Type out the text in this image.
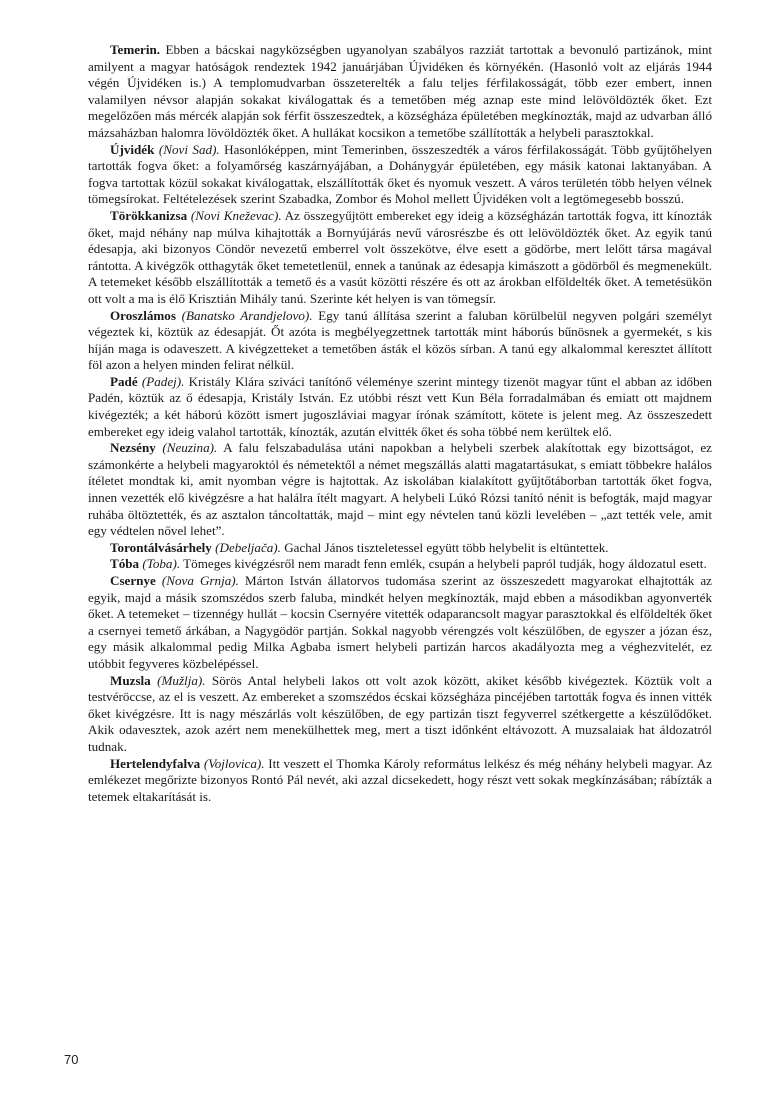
Temerin. Ebben a bácskai nagyközségben ugyanolyan szabályos razziát tartottak a bevonuló partizánok, mint amilyent a magyar hatóságok rendeztek 1942 januárjában Újvidéken és környékén. (Hasonló volt az eljárás 1944 végén Újvidéken is.) A templomudvarban összeterelték a falu teljes férfilakosságát, több ezer embert, innen valamilyen névsor alapján sokakat kiválogattak és a temetőben még aznap este mind lelövöldözték őket. Ezt megelőzően más mércék alapján sok férfit összeszedtek, a községháza épületében megkínozták, majd az udvarban álló mázsaházban halomra lövöldözték őket. A hullákat kocsikon a temetőbe szállították a helybeli parasztokkal.

Újvidék (Novi Sad). Hasonlóképpen, mint Temerinben, összeszedték a város férfilakosságát. Több gyűjtőhelyen tartották fogva őket: a folyamőrség kaszárnyájában, a Dohánygyár épületében, egy másik katonai laktanyában. A fogva tartottak közül sokakat kiválogattak, elszállították őket és nyomuk veszett. A város területén több helyen vélnek tömegsírokat. Feltételezések szerint Szabadka, Zombor és Mohol mellett Újvidéken volt a legtömegesebb bosszú.

Törökkanizsa (Novi Kneževac). Az összegyűjtött embereket egy ideig a községházán tartották fogva, itt kínozták őket, majd néhány nap múlva kihajtották a Bornyújárás nevű városrészbe és ott lelövöldözték őket. Az egyik tanú édesapja, aki bizonyos Cöndör nevezetű emberrel volt összekötve, élve esett a gödörbe, mert lelőtt társa magával rántotta. A kivégzők otthagyták őket temetetlenül, ennek a tanúnak az édesapja kimászott a gödörből és megmenekült. A tetemeket később elszállították a temető és a vasút közötti részére és ott az árokban elföldelték őket. A temetésükön ott volt a ma is élő Krisztián Mihály tanú. Szerinte két helyen is van tömegsír.

Oroszlámos (Banatsko Arandjelovo). Egy tanú állítása szerint a faluban körülbelül negyven polgári személyt végeztek ki, köztük az édesapját. Őt azóta is megbélyegzettnek tartották mint háborús bűnösnek a gyermekét, s kis híján maga is odaveszett. A kivégzetteket a temetőben ásták el közös sírban. A tanú egy alkalommal keresztet állított föl azon a helyen minden felirat nélkül.

Padé (Padej). Kristály Klára szivácі tanítónő véleménye szerint mintegy tizenöt magyar tűnt el abban az időben Padén, köztük az ő édesapja, Kristály István. Ez utóbbi részt vett Kun Béla forradalmában és emiatt ott majdnem kivégezték; a két háború között ismert jugoszláviai magyar írónak számított, kötete is jelent meg. Az összeszedett embereket egy ideig valahol tartották, kínozták, azután elvitték őket és soha többé nem kerültek elő.

Nezsény (Neuzina). A falu felszabadulása utáni napokban a helybeli szerbek alakítottak egy bizottságot, ez számonkérte a helybeli magyaroktól és németektől a német megszállás alatti magatartásukat, s emiatt többekre halálos ítéletet mondtak ki, amit nyomban végre is hajtottak. Az iskolában kialakított gyűjtőtáborban tartották őket fogva, innen vezették elő kivégzésre a hat halálra ítélt magyart. A helybeli Lúkó Rózsi tanító nénit is befogták, majd magyar ruhába öltöztették, és az asztalon táncoltatták, majd – mint egy névtelen tanú közli levelében – „azt tették vele, amit egy védtelen nővel lehet”.

Torontálvásárhely (Debeljača). Gachal János tiszteletessel együtt több helybelit is eltüntettek.

Tóba (Toba). Tömeges kivégzésről nem maradt fenn emlék, csupán a helybeli papról tudják, hogy áldozatul esett.

Csernye (Nova Grnja). Márton István állatorvos tudomása szerint az összeszedett magyarokat elhajtották az egyik, majd a másik szomszédos szerb faluba, mindkét helyen megkínozták, majd ebben a másodikban agyonverték őket. A tetemeket – tizennégy hullát – kocsin Csernyére vitették odaparancsolt magyar parasztokkal és elföldelték őket a csernyei temető árkában, a Nagygödör partján. Sokkal nagyobb vérengzés volt készülőben, de egyszer a józan ész, egy másik alkalommal pedig Milka Agbaba ismert helybeli partizán harcos akadályozta meg a véghezvitelét, ez utóbbit fegyveres közbelépéssel.

Muzsla (Mužlja). Sörös Antal helybeli lakos ott volt azok között, akiket később kivégeztek. Köztük volt a testvéröccse, az el is veszett. Az embereket a szomszédos écskai községháza pincéjében tartották fogva és innen vitték őket kivégzésre. Itt is nagy mészárlás volt készülőben, de egy partizán tiszt fegyverrel szétkergette a készülődőket. Akik odavesztek, azok azért nem menekülhettek meg, mert a tiszt időnként eltávozott. A muzsalaiak hat áldozatról tudnak.

Hertelendyfalva (Vojlovica). Itt veszett el Thomka Károly református lelkész és még néhány helybeli magyar. Az emlékezet megőrizte bizonyos Rontó Pál nevét, aki azzal dicsekedett, hogy részt vett sokak megkínzásában; rábízták a tetemek eltakarítását is.

70
